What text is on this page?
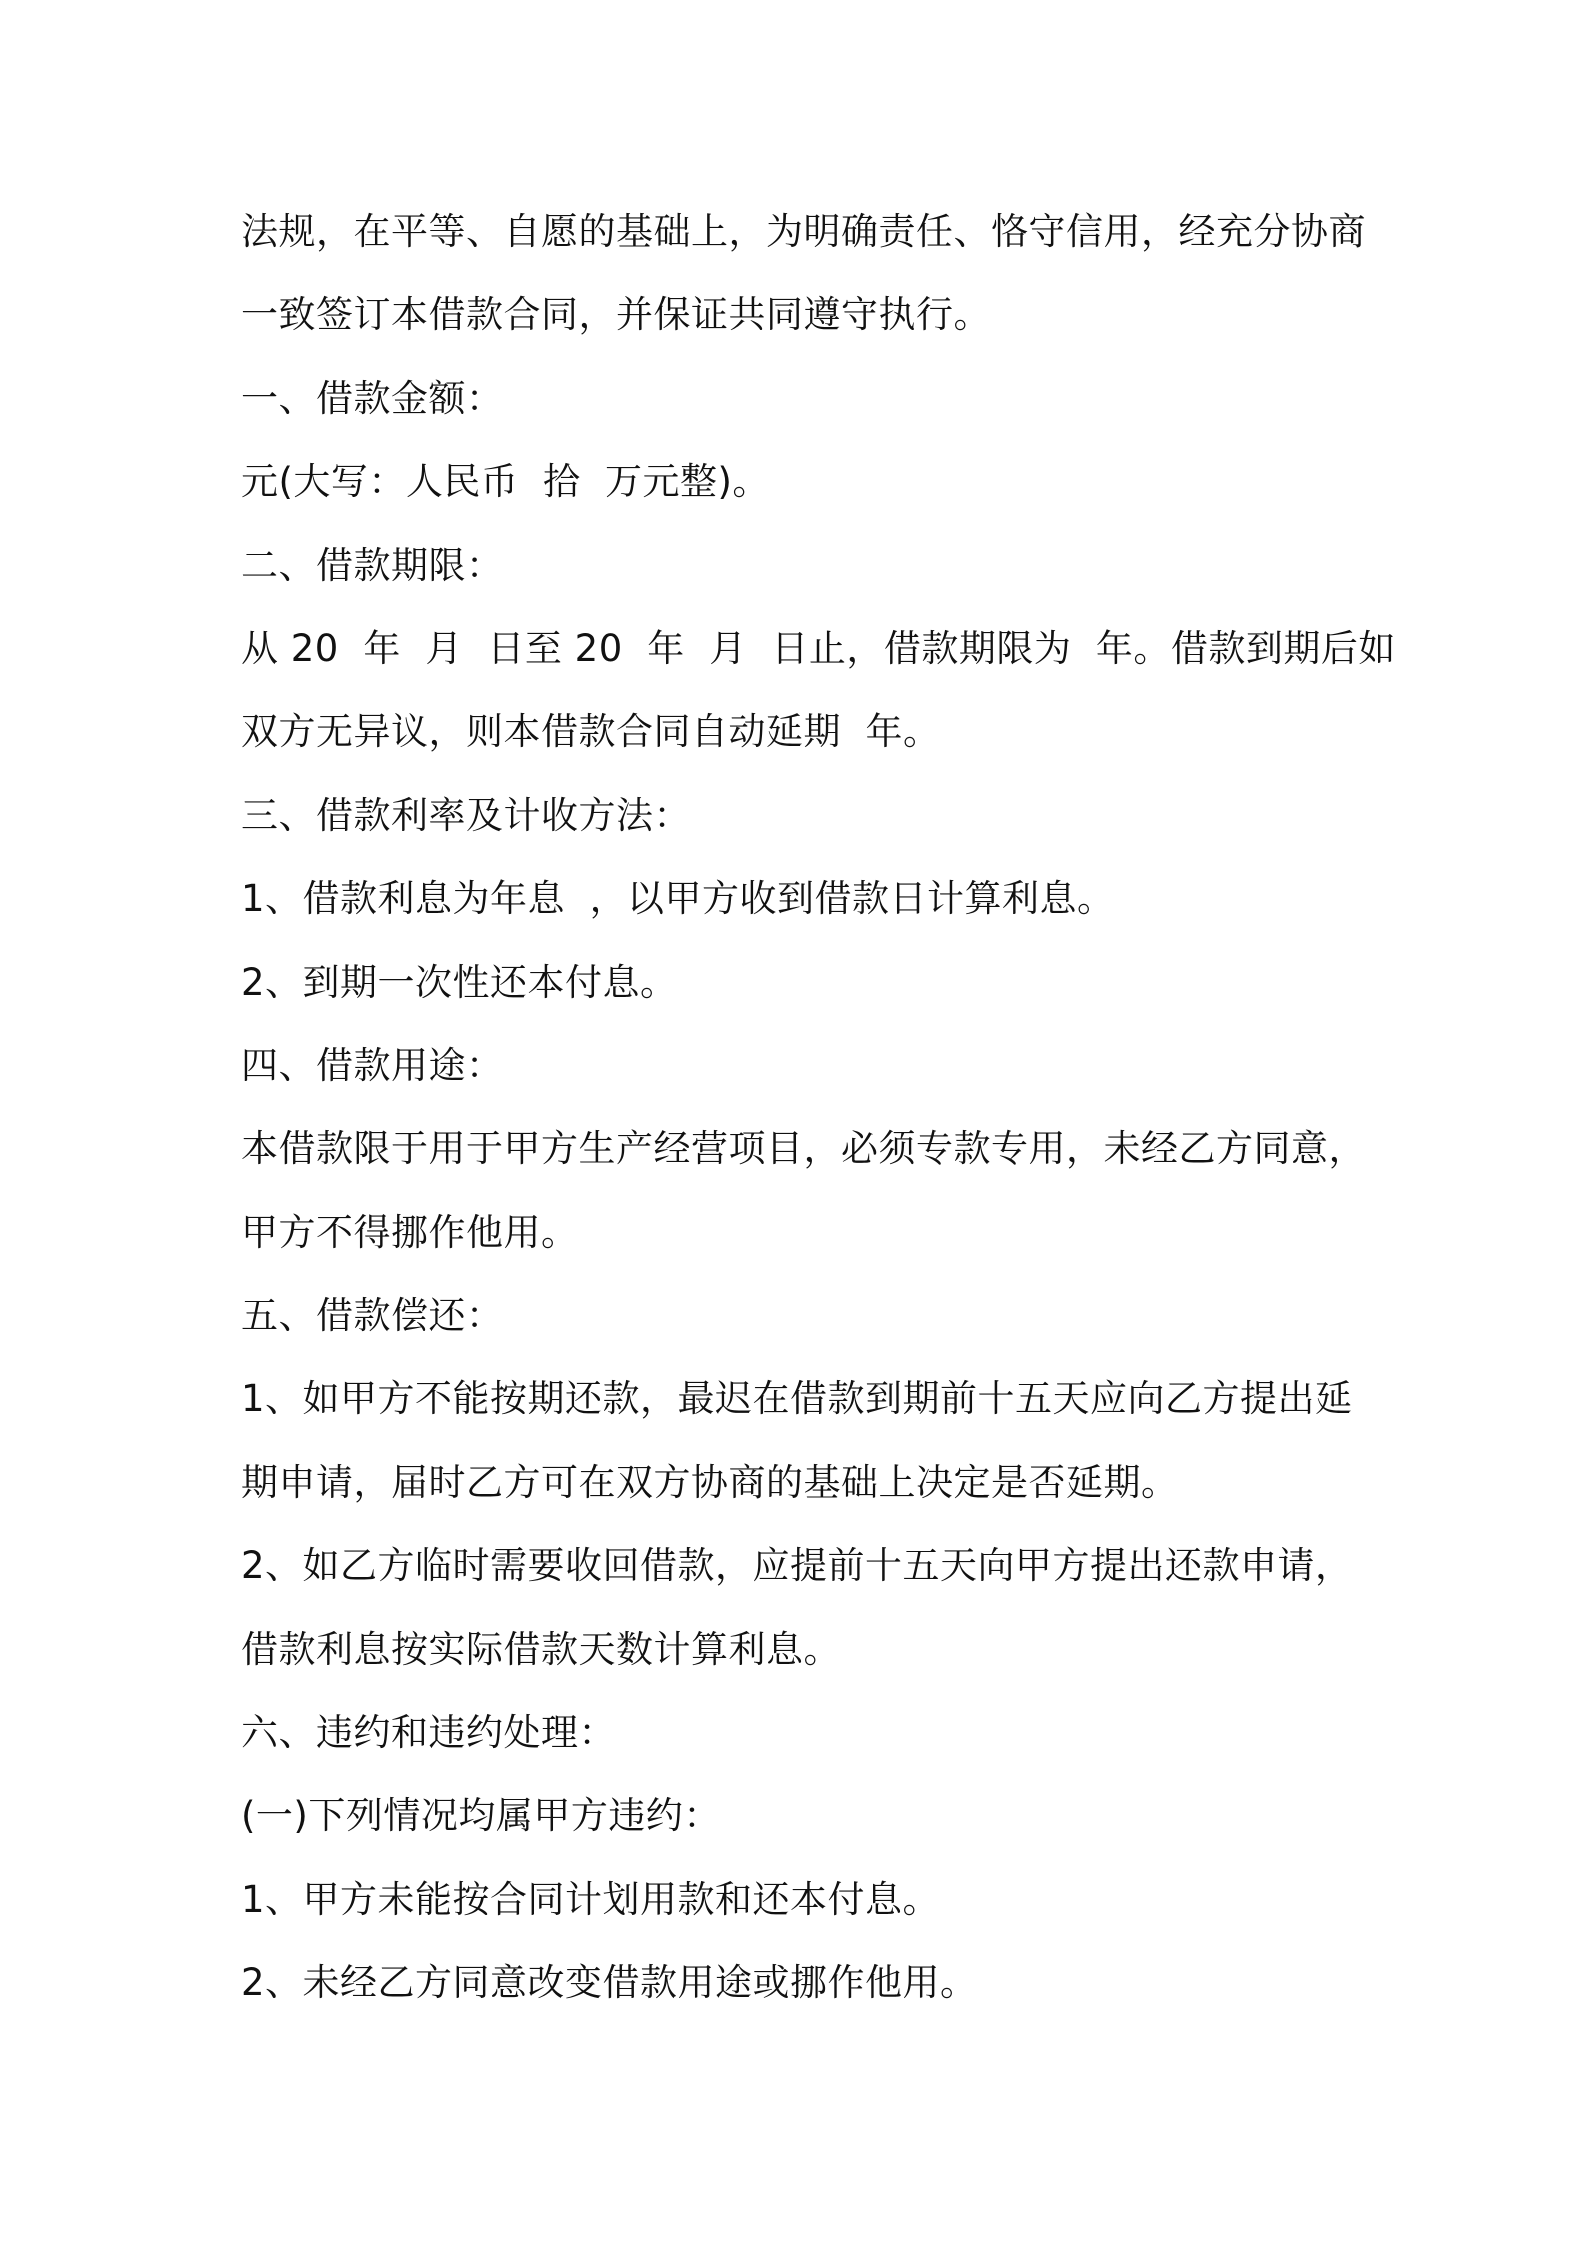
法规，在平等、自愿的基础上，为明确责任、恪守信用，经充分协商
一致签订本借款合同，并保证共同遵守执行。
一、借款金额：
元(大写：人民币  拾  万元整)。
二、借款期限：
从 20  年  月  日至 20  年  月  日止，借款期限为  年。借款到期后如
双方无异议，则本借款合同自动延期  年。
三、借款利率及计收方法：
1、借款利息为年息  ，以甲方收到借款日计算利息。
2、到期一次性还本付息。
四、借款用途：
本借款限于用于甲方生产经营项目，必须专款专用，未经乙方同意，
甲方不得挪作他用。
五、借款偿还：
1、如甲方不能按期还款，最迟在借款到期前十五天应向乙方提出延
期申请，届时乙方可在双方协商的基础上决定是否延期。
2、如乙方临时需要收回借款，应提前十五天向甲方提出还款申请，
借款利息按实际借款天数计算利息。
六、违约和违约处理：
(一)下列情况均属甲方违约：
1、甲方未能按合同计划用款和还本付息。
2、未经乙方同意改变借款用途或挪作他用。
